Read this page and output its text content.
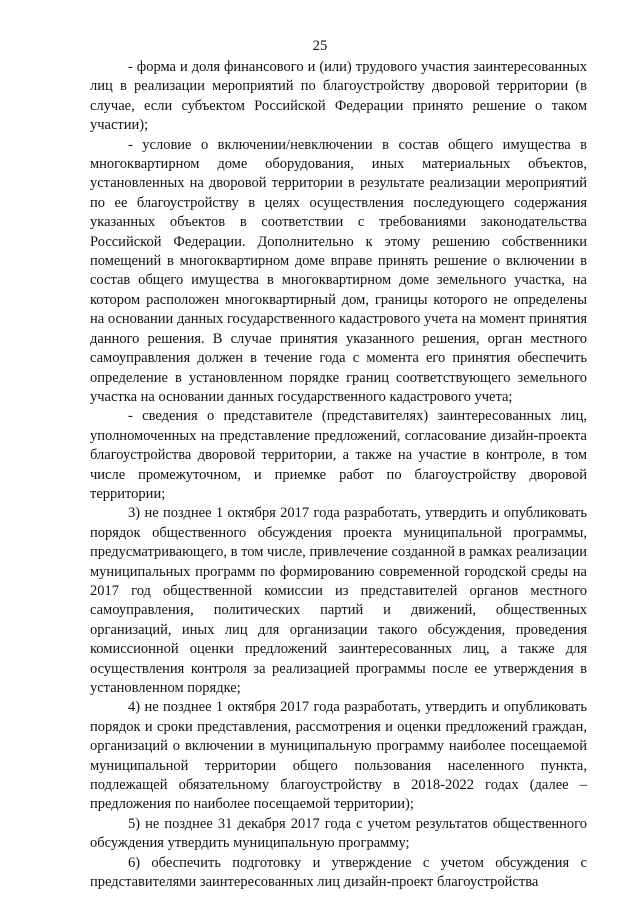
25

- форма и доля финансового и (или) трудового участия заинтересованных лиц в реализации мероприятий по благоустройству дворовой территории (в случае, если субъектом Российской Федерации принято решение о таком участии);

- условие о включении/невключении в состав общего имущества в многоквартирном доме оборудования, иных материальных объектов, установленных на дворовой территории в результате реализации мероприятий по ее благоустройству в целях осуществления последующего содержания указанных объектов в соответствии с требованиями законодательства Российской Федерации. Дополнительно к этому решению собственники помещений в многоквартирном доме вправе принять решение о включении в состав общего имущества в многоквартирном доме земельного участка, на котором расположен многоквартирный дом, границы которого не определены на основании данных государственного кадастрового учета на момент принятия данного решения. В случае принятия указанного решения, орган местного самоуправления должен в течение года с момента его принятия обеспечить определение в установленном порядке границ соответствующего земельного участка на основании данных государственного кадастрового учета;

- сведения о представителе (представителях) заинтересованных лиц, уполномоченных на представление предложений, согласование дизайн-проекта благоустройства дворовой территории, а также на участие в контроле, в том числе промежуточном, и приемке работ по благоустройству дворовой территории;

3) не позднее 1 октября 2017 года разработать, утвердить и опубликовать порядок общественного обсуждения проекта муниципальной программы, предусматривающего, в том числе, привлечение созданной в рамках реализации муниципальных программ по формированию современной городской среды на 2017 год общественной комиссии из представителей органов местного самоуправления, политических партий и движений, общественных организаций, иных лиц для организации такого обсуждения, проведения комиссионной оценки предложений заинтересованных лиц, а также для осуществления контроля за реализацией программы после ее утверждения в установленном порядке;

4) не позднее 1 октября 2017 года разработать, утвердить и опубликовать порядок и сроки представления, рассмотрения и оценки предложений граждан, организаций о включении в муниципальную программу наиболее посещаемой муниципальной территории общего пользования населенного пункта, подлежащей обязательному благоустройству в 2018-2022 годах (далее – предложения по наиболее посещаемой территории);

5) не позднее 31 декабря 2017 года с учетом результатов общественного обсуждения утвердить муниципальную программу;

6) обеспечить подготовку и утверждение с учетом обсуждения с представителями заинтересованных лиц дизайн-проект благоустройства
